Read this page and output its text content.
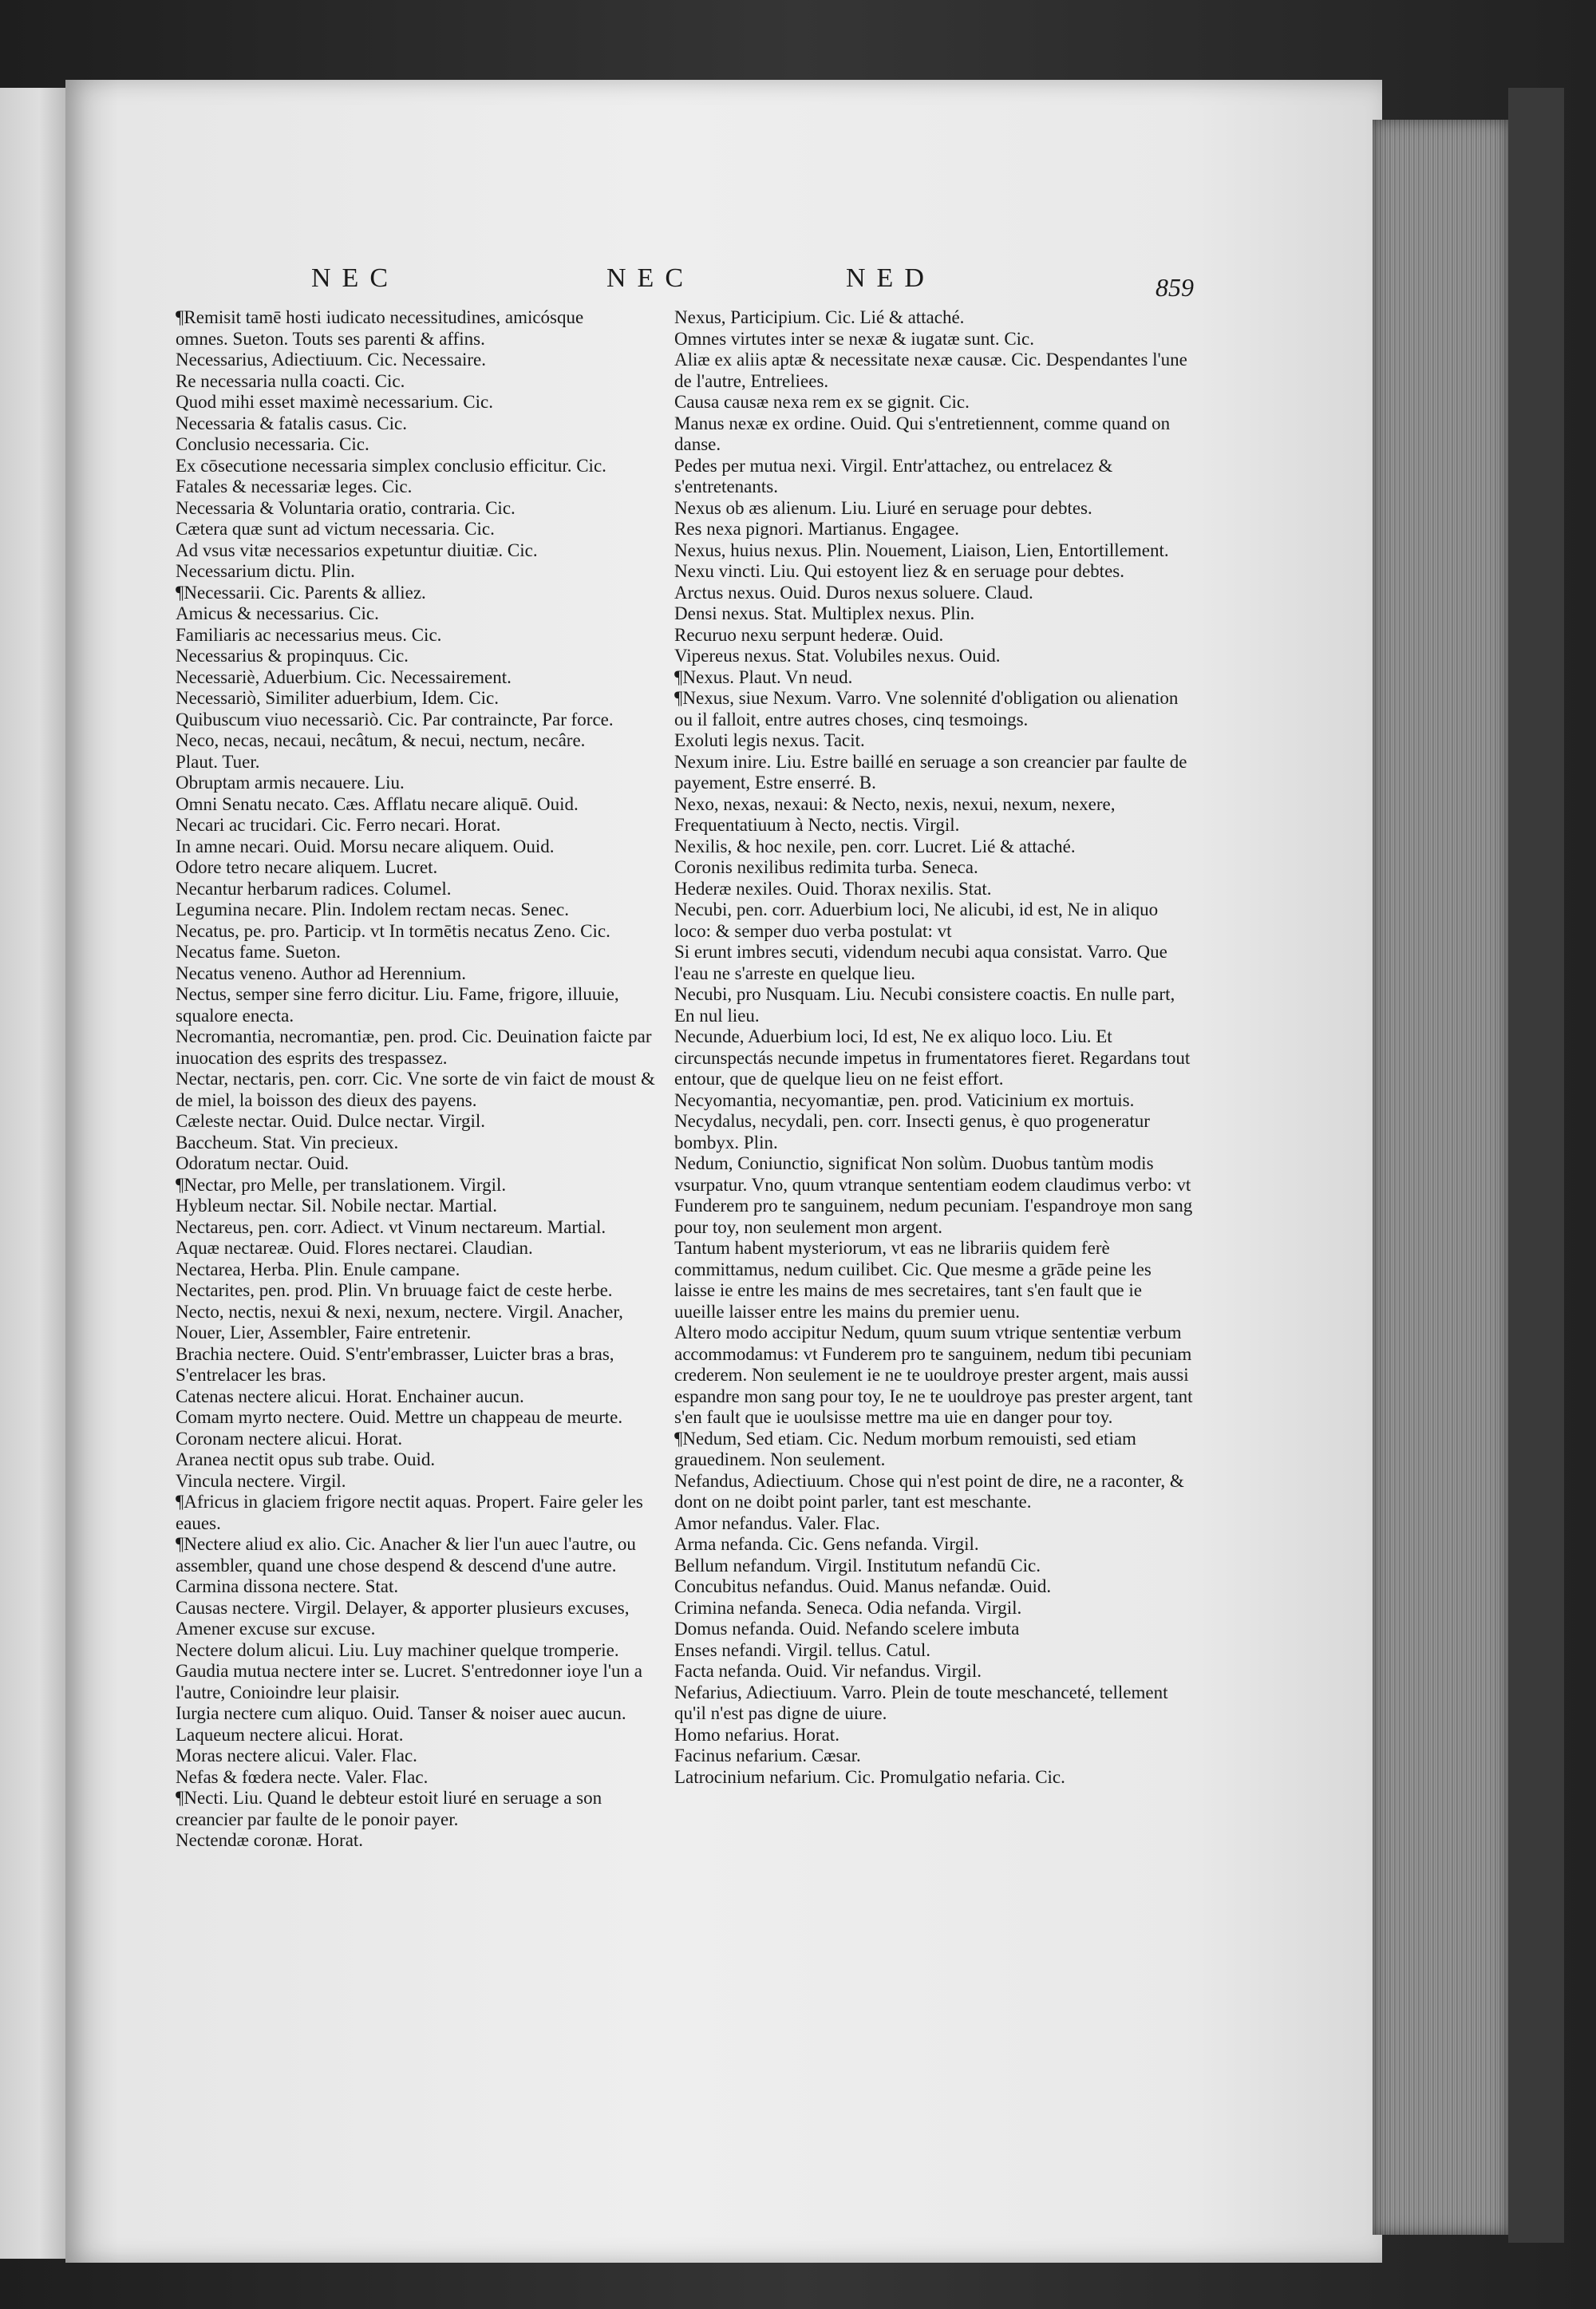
NEC	NEC	NED	859
¶Remisit tamē hosti iudicato necessitudines, amicósque
omnes. Sueton. Touts ses parenti & affins.
Necessarius, Adiectiuum. Cic. Necessaire.
Re necessaria nulla coacti. Cic.
Quod mihi esset maximè necessarium. Cic.
Necessaria & fatalis casus. Cic.
Conclusio necessaria. Cic.
Ex cōsecutione necessaria simplex conclusio efficitur. Cic.
Fatales & necessariæ leges. Cic.
Necessaria & Voluntaria oratio, contraria. Cic.
Cætera quæ sunt ad victum necessaria. Cic.
Ad vsus vitæ necessarios expetuntur diuitiæ. Cic.
Necessarium dictu. Plin.
¶Necessarii. Cic. Parents & alliez.
Amicus & necessarius. Cic.
Familiaris ac necessarius meus. Cic.
Necessarius & propinquus. Cic.
Necessariè, Aduerbium. Cic. Necessairement.
Necessariò, Similiter aduerbium, Idem. Cic.
Quibuscum viuo necessariò. Cic. Par contraincte, Par force.
Neco, necas, necaui, necâtum, & necui, nectum, necâre.
Plaut. Tuer.
Obruptam armis necauere. Liu.
Omni Senatu necato. Cæs. Afflatu necare aliquē. Ouid.
Necari ac trucidari. Cic. Ferro necari. Horat.
In amne necari. Ouid. Morsu necare aliquem. Ouid.
Odore tetro necare aliquem. Lucret.
Necantur herbarum radices. Columel.
Legumina necare. Plin. Indolem rectam necas. Senec.
Necatus, pe. pro. Particip. vt In tormētis necatus Zeno. Cic.
Necatus fame. Sueton.
Necatus veneno. Author ad Herennium.
Nectus, semper sine ferro dicitur. Liu. Fame, frigore, illuuie,
squalore enecta.
Necromantia, necromantiæ, pen. prod. Cic. Deuination faicte par inuocation des esprits des trespassez.
Nectar, nectaris, pen. corr. Cic. Vne sorte de vin faict de moust & de miel, la boisson des dieux des payens.
Cæleste nectar. Ouid. Dulce nectar. Virgil.
Baccheum. Stat. Vin precieux.
Odoratum nectar. Ouid.
¶Nectar, pro Melle, per translationem. Virgil.
Hybleum nectar. Sil. Nobile nectar. Martial.
Nectareus, pen. corr. Adiect. vt Vinum nectareum. Martial.
Aquæ nectareæ. Ouid. Flores nectarei. Claudian.
Nectarea, Herba. Plin. Enule campane.
Nectarites, pen. prod. Plin. Vn bruuage faict de ceste herbe.
Necto, nectis, nexui & nexi, nexum, nectere. Virgil. Anacher, Nouer, Lier, Assembler, Faire entretenir.
Brachia nectere. Ouid. S'entr'embrasser, Luicter bras a bras, S'entrelacer les bras.
Catenas nectere alicui. Horat. Enchainer aucun.
Comam myrto nectere. Ouid. Mettre un chappeau de meurte.
Coronam nectere alicui. Horat.
Aranea nectit opus sub trabe. Ouid.
Vincula nectere. Virgil.
¶Africus in glaciem frigore nectit aquas. Propert. Faire geler les eaues.
¶Nectere aliud ex alio. Cic. Anacher & lier l'un auec l'autre, ou assembler, quand une chose despend & descend d'une autre.
Carmina dissona nectere. Stat.
Causas nectere. Virgil. Delayer, & apporter plusieurs excuses, Amener excuse sur excuse.
Nectere dolum alicui. Liu. Luy machiner quelque tromperie.
Gaudia mutua nectere inter se. Lucret. S'entredonner ioye l'un a l'autre, Conioindre leur plaisir.
Iurgia nectere cum aliquo. Ouid. Tanser & noiser auec aucun.
Laqueum nectere alicui. Horat.
Moras nectere alicui. Valer. Flac.
Nefas & fœdera necte. Valer. Flac.
¶Necti. Liu. Quand le debteur estoit liuré en seruage a son creancier par faulte de le ponoir payer.
Nectendæ coronæ. Horat.
Nexus, Participium. Cic. Lié & attaché.
Omnes virtutes inter se nexæ & iugatæ sunt. Cic.
Aliæ ex aliis aptæ & necessitate nexæ causæ. Cic. Despendantes l'une de l'autre, Entreliees.
Causa causæ nexa rem ex se gignit. Cic.
Manus nexæ ex ordine. Ouid. Qui s'entretiennent, comme quand on danse.
Pedes per mutua nexi. Virgil. Entr'attachez, ou entrelacez & s'entretenants.
Nexus ob æs alienum. Liu. Liuré en seruage pour debtes.
Res nexa pignori. Martianus. Engagee.
Nexus, huius nexus. Plin. Nouement, Liaison, Lien, Entortillement.
Nexu vincti. Liu. Qui estoyent liez & en seruage pour debtes.
Arctus nexus. Ouid. Duros nexus soluere. Claud.
Densi nexus. Stat. Multiplex nexus. Plin.
Recuruo nexu serpunt hederæ. Ouid.
Vipereus nexus. Stat. Volubiles nexus. Ouid.
¶Nexus. Plaut. Vn neud.
¶Nexus, siue Nexum. Varro. Vne solennité d'obligation ou alienation ou il falloit, entre autres choses, cinq tesmoings.
Exoluti legis nexus. Tacit.
Nexum inire. Liu. Estre baillé en seruage a son creancier par faulte de payement, Estre enserré. B.
Nexo, nexas, nexaui: & Necto, nexis, nexui, nexum, nexere, Frequentatiuum à Necto, nectis. Virgil.
Nexilis, & hoc nexile, pen. corr. Lucret. Lié & attaché.
Coronis nexilibus redimita turba. Seneca.
Hederæ nexiles. Ouid. Thorax nexilis. Stat.
Necubi, pen. corr. Aduerbium loci, Ne alicubi, id est, Ne in aliquo loco: & semper duo verba postulat: vt
Si erunt imbres secuti, videndum necubi aqua consistat. Varro. Que l'eau ne s'arreste en quelque lieu.
Necubi, pro Nusquam. Liu. Necubi consistere coactis. En nulle part, En nul lieu.
Necunde, Aduerbium loci, Id est, Ne ex aliquo loco. Liu. Et circunspectás necunde impetus in frumentatores fieret. Regardans tout entour, que de quelque lieu on ne feist effort.
Necyomantia, necyomantiæ, pen. prod. Vaticinium ex mortuis.
Necydalus, necydali, pen. corr. Insecti genus, è quo progeneratur bombyx. Plin.
Nedum, Coniunctio, significat Non solùm. Duobus tantùm modis vsurpatur. Vno, quum vtranque sententiam eodem claudimus verbo: vt Funderem pro te sanguinem, nedum pecuniam. I'espandroye mon sang pour toy, non seulement mon argent.
Tantum habent mysteriorum, vt eas ne librariis quidem ferè committamus, nedum cuilibet. Cic. Que mesme a grāde peine les laisse ie entre les mains de mes secretaires, tant s'en fault que ie uueille laisser entre les mains du premier uenu.
Altero modo accipitur Nedum, quum suum vtrique sententiæ verbum accommodamus: vt Funderem pro te sanguinem, nedum tibi pecuniam crederem. Non seulement ie ne te uouldroye prester argent, mais aussi espandre mon sang pour toy, Ie ne te uouldroye pas prester argent, tant s'en fault que ie uoulsisse mettre ma uie en danger pour toy.
¶Nedum, Sed etiam. Cic. Nedum morbum remouisti, sed etiam grauedinem. Non seulement.
Nefandus, Adiectiuum. Chose qui n'est point de dire, ne a raconter, & dont on ne doibt point parler, tant est meschante.
Amor nefandus. Valer. Flac.
Arma nefanda. Cic. Gens nefanda. Virgil.
Bellum nefandum. Virgil. Institutum nefandū Cic.
Concubitus nefandus. Ouid. Manus nefandæ. Ouid.
Crimina nefanda. Seneca. Odia nefanda. Virgil.
Domus nefanda. Ouid. Nefando scelere imbuta
Enses nefandi. Virgil. tellus. Catul.
Facta nefanda. Ouid. Vir nefandus. Virgil.
Nefarius, Adiectiuum. Varro. Plein de toute meschanceté, tellement qu'il n'est pas digne de uiure.
Homo nefarius. Horat.
Facinus nefarium. Cæsar.
Latrocinium nefarium. Cic. Promulgatio nefaria. Cic.
